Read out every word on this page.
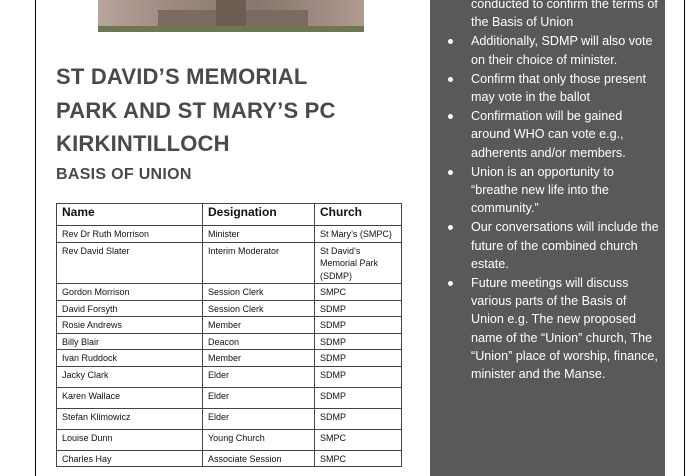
ST DAVID’S MEMORIAL
PARK AND ST MARY’S PC
KIRKINTILLOCH
BASIS OF UNION
Name	Designation	Church
Rev Dr Ruth Morrison	Minister	St Mary’s (SMPC)
Rev David Slater	Interim Moderator	St David’s Memorial Park (SDMP)
Gordon Morrison	Session Clerk	SMPC
David Forsyth	Session Clerk	SDMP
Rosie Andrews	Member	SDMP
Billy Blair	Deacon	SDMP
Ivan Ruddock	Member	SDMP
Jacky Clark	Elder	SDMP
Karen Wallace	Elder	SDMP
Stefan Klimowicz	Elder	SDMP
Louise Dunn	Young Church	SMPC
Charles Hay	Associate Session	SMPC
conducted to confirm the terms of the Basis of Union
Additionally, SDMP will also vote on their choice of minister.
Confirm that only those present may vote in the ballot
Confirmation will be gained around WHO can vote e.g., adherents and/or members.
Union is an opportunity to “breathe new life into the community.”
Our conversations will include the future of the combined church estate.
Future meetings will discuss various parts of the Basis of Union e.g. The new proposed name of the “Union” church, The “Union” place of worship, finance, minister and the Manse.
